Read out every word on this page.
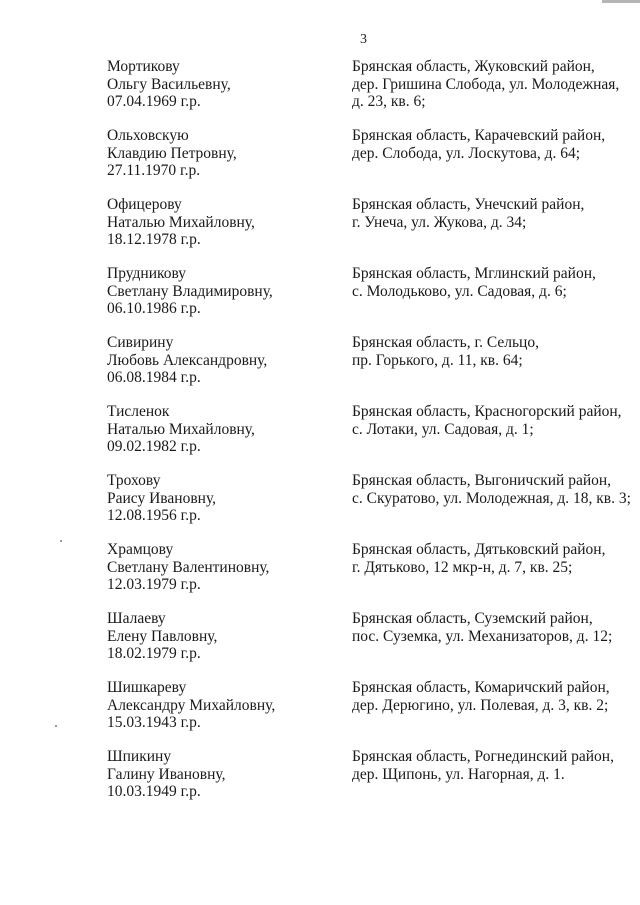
3
Мортикову
Ольгу Васильевну,
07.04.1969 г.р.
Брянская область, Жуковский район,
дер. Гришина Слобода, ул. Молодежная,
д. 23, кв. 6;
Ольховскую
Клавдию Петровну,
27.11.1970 г.р.
Брянская область, Карачевский район,
дер. Слобода, ул. Лоскутова, д. 64;
Офицерову
Наталью Михайловну,
18.12.1978 г.р.
Брянская область, Унечский район,
г. Унеча, ул. Жукова, д. 34;
Прудникову
Светлану Владимировну,
06.10.1986 г.р.
Брянская область, Мглинский район,
с. Молодьково, ул. Садовая, д. 6;
Сивирину
Любовь Александровну,
06.08.1984 г.р.
Брянская область, г. Сельцо,
пр. Горького, д. 11, кв. 64;
Тисленок
Наталью Михайловну,
09.02.1982 г.р.
Брянская область, Красногорский район,
с. Лотаки, ул. Садовая, д. 1;
Трохову
Раису Ивановну,
12.08.1956 г.р.
Брянская область, Выгоничский район,
с. Скуратово, ул. Молодежная, д. 18, кв. 3;
Храмцову
Светлану Валентиновну,
12.03.1979 г.р.
Брянская область, Дятьковский район,
г. Дятьково, 12 мкр-н, д. 7, кв. 25;
Шалаеву
Елену Павловну,
18.02.1979 г.р.
Брянская область, Суземский район,
пос. Суземка, ул. Механизаторов, д. 12;
Шишкареву
Александру Михайловну,
15.03.1943 г.р.
Брянская область, Комаричский район,
дер. Дерюгино, ул. Полевая, д. 3, кв. 2;
Шпикину
Галину Ивановну,
10.03.1949 г.р.
Брянская область, Рогнединский район,
дер. Щипонь, ул. Нагорная, д. 1.
